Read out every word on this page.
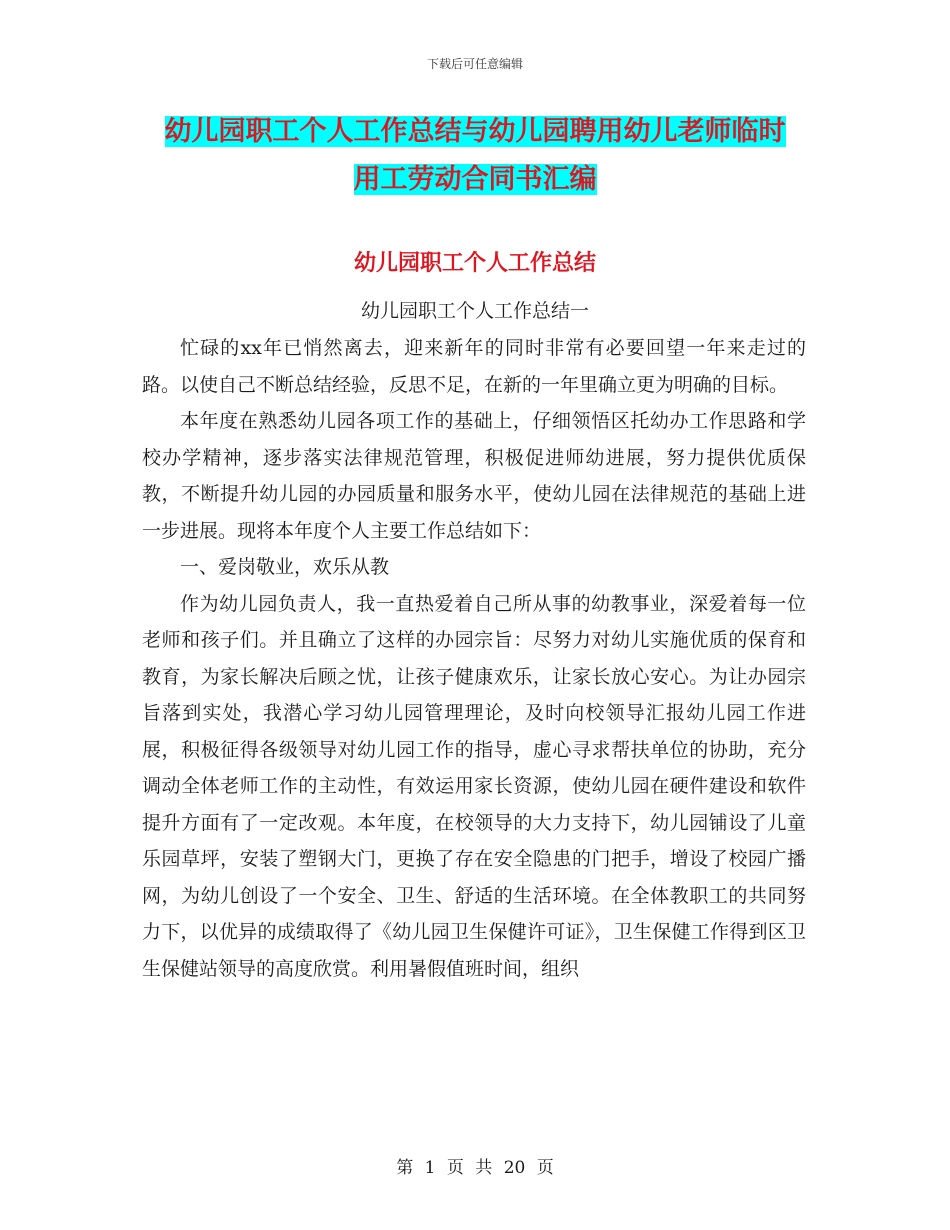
下载后可任意编辑
幼儿园职工个人工作总结与幼儿园聘用幼儿老师临时
用工劳动合同书汇编
幼儿园职工个人工作总结
幼儿园职工个人工作总结一

忙碌的xx年已悄然离去，迎来新年的同时非常有必要回望一年来走过的路。以使自己不断总结经验，反思不足，在新的一年里确立更为明确的目标。

本年度在熟悉幼儿园各项工作的基础上，仔细领悟区托幼办工作思路和学校办学精神，逐步落实法律规范管理，积极促进师幼进展，努力提供优质保教，不断提升幼儿园的办园质量和服务水平，使幼儿园在法律规范的基础上进一步进展。现将本年度个人主要工作总结如下：

一、爱岗敬业，欢乐从教

作为幼儿园负责人，我一直热爱着自己所从事的幼教事业，深爱着每一位老师和孩子们。并且确立了这样的办园宗旨：尽努力对幼儿实施优质的保育和教育，为家长解决后顾之忧，让孩子健康欢乐，让家长放心安心。为让办园宗旨落到实处，我潜心学习幼儿园管理理论，及时向校领导汇报幼儿园工作进展，积极征得各级领导对幼儿园工作的指导，虚心寻求帮扶单位的协助，充分调动全体老师工作的主动性，有效运用家长资源，使幼儿园在硬件建设和软件提升方面有了一定改观。本年度，在校领导的大力支持下，幼儿园铺设了儿童乐园草坪，安装了塑钢大门，更换了存在安全隐患的门把手，增设了校园广播网，为幼儿创设了一个安全、卫生、舒适的生活环境。在全体教职工的共同努力下，以优异的成绩取得了《幼儿园卫生保健许可证》，卫生保健工作得到区卫生保健站领导的高度欣赏。利用暑假值班时间，组织

第 1 页 共 20 页
